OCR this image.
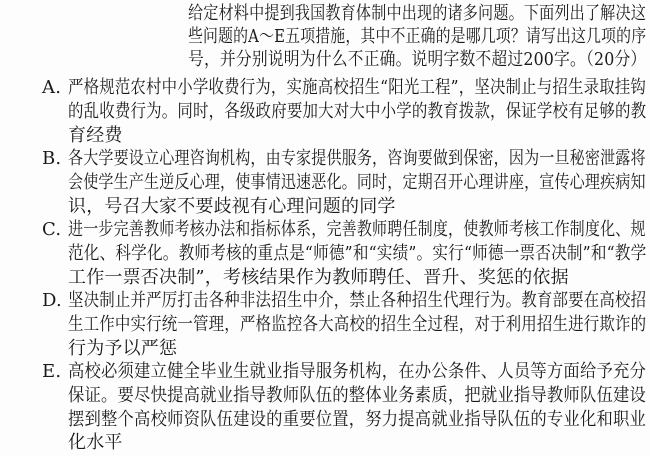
给定材料中提到我国教育体制中出现的诸多问题。下面列出了解决这
些问题的A～E五项措施，其中不正确的是哪几项？请写出这几项的序
号，并分别说明为什么不正确。说明字数不超过200字。（20分）
A. 严格规范农村中小学收费行为，实施高校招生“阳光工程”，坚决制止与招生录取挂钩
的乱收费行为。同时，各级政府要加大对大中小学的教育拨款，保证学校有足够的教
育经费
B. 各大学要设立心理咨询机构，由专家提供服务，咨询要做到保密，因为一旦秘密泄露将
会使学生产生逆反心理，使事情迅速恶化。同时，定期召开心理讲座，宣传心理疾病知
识，号召大家不要歧视有心理问题的同学
C. 进一步完善教师考核办法和指标体系，完善教师聘任制度，使教师考核工作制度化、规
范化、科学化。教师考核的重点是“师德”和“实绩”。实行“师德一票否决制”和“教学
工作一票否决制”，考核结果作为教师聘任、晋升、奖惩的依据
D. 坚决制止并严厉打击各种非法招生中介，禁止各种招生代理行为。教育部要在高校招
生工作中实行统一管理，严格监控各大高校的招生全过程，对于利用招生进行欺诈的
行为予以严惩
E. 高校必须建立健全毕业生就业指导服务机构，在办公条件、人员等方面给予充分
保证。要尽快提高就业指导教师队伍的整体业务素质，把就业指导教师队伍建设
摆到整个高校师资队伍建设的重要位置，努力提高就业指导队伍的专业化和职业
化水平
